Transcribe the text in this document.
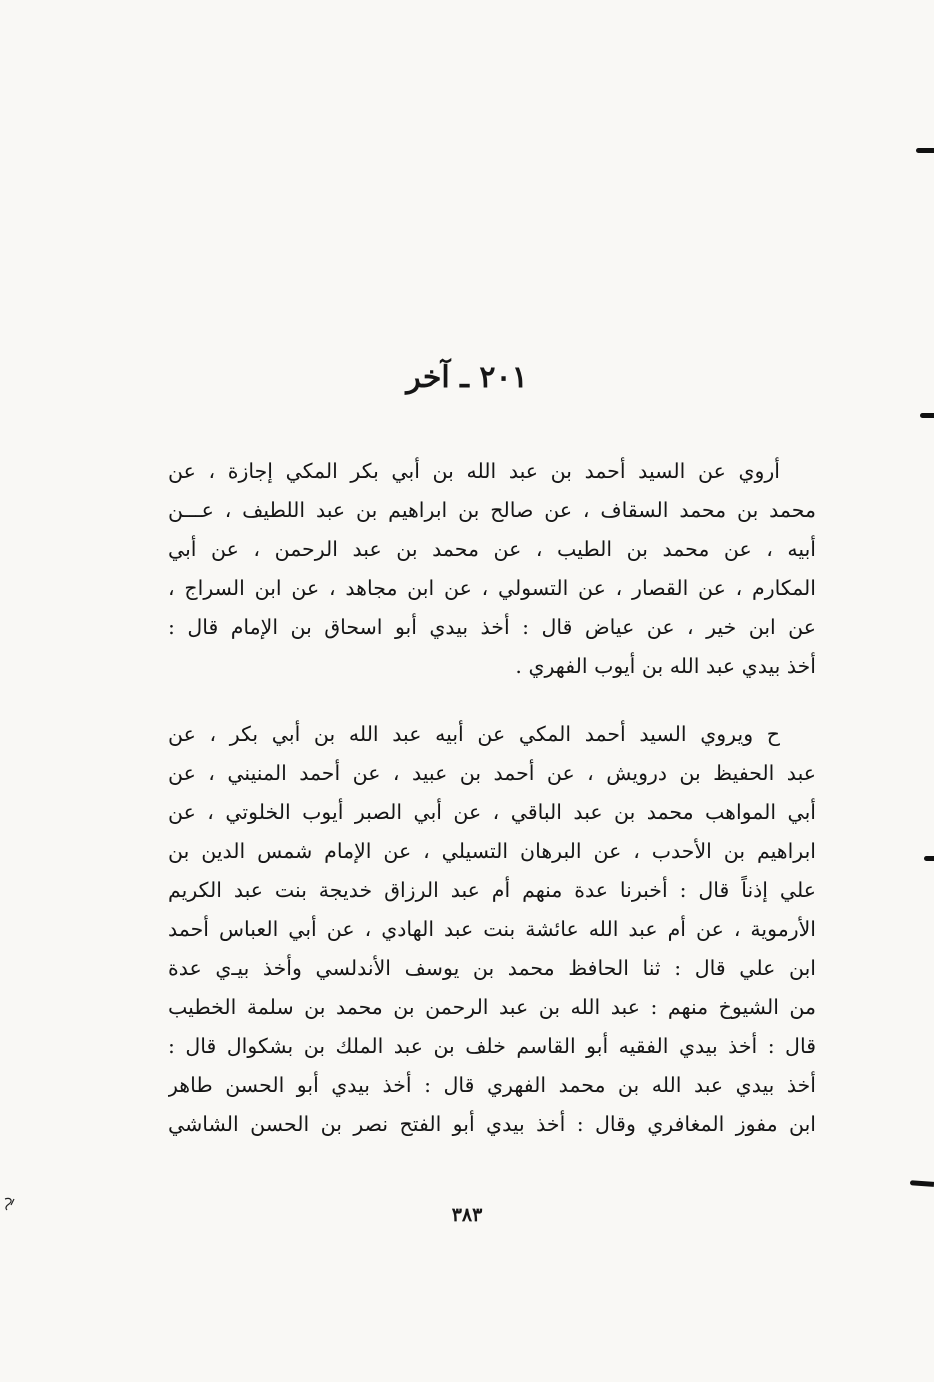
٢٠١ ـ آخر
أروي عن السيد أحمد بن عبد الله بن أبي بكر المكي إجازة ، عن
محمد بن محمد السقاف ، عن صالح بن ابراهيم بن عبد اللطيف ، عـــن
أبيه ، عن محمد بن الطيب ، عن محمد بن عبد الرحمن ، عن أبي
المكارم ، عن القصار ، عن التسولي ، عن ابن مجاهد ، عن ابن السراج ،
عن ابن خير ، عن عياض قال : أخذ بيدي أبو اسحاق بن الإمام قال :
أخذ بيدي عبد الله بن أيوب الفهري .
ح ويروي السيد أحمد المكي عن أبيه عبد الله بن أبي بكر ، عن
عبد الحفيظ بن درويش ، عن أحمد بن عبيد ، عن أحمد المنيني ، عن
أبي المواهب محمد بن عبد الباقي ، عن أبي الصبر أيوب الخلوتي ، عن
ابراهيم بن الأحدب ، عن البرهان التسيلي ، عن الإمام شمس الدين بن
علي إذناً قال : أخبرنا عدة منهم أم عبد الرزاق خديجة بنت عبد الكريم
الأرموية ، عن أم عبد الله عائشة بنت عبد الهادي ، عن أبي العباس أحمد
ابن علي قال : ثنا الحافظ محمد بن يوسف الأندلسي وأخذ بيـ‌ي عدة
من الشيوخ منهم : عبد الله بن عبد الرحمن بن محمد بن سلمة الخطيب
قال : أخذ بيدي الفقيه أبو القاسم خلف بن عبد الملك بن بشكوال قال :
أخذ بيدي عبد الله بن محمد الفهري قال : أخذ بيدي أبو الحسن طاهر
ابن مفوز المغافري وقال : أخذ بيدي أبو الفتح نصر بن الحسن الشاشي
٣٨٣
